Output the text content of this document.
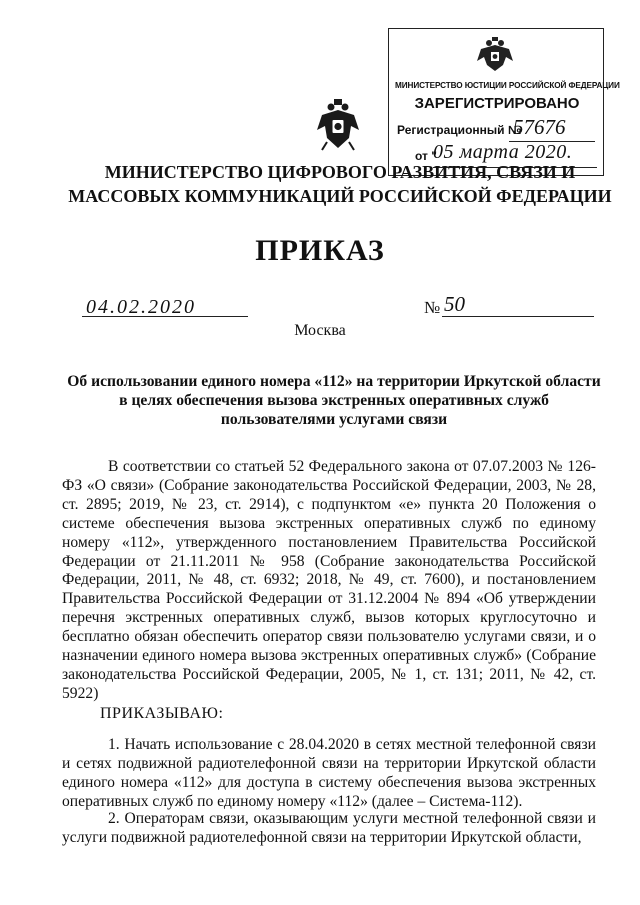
МИНИСТЕРСТВО ЮСТИЦИИ РОССИЙСКОЙ ФЕДЕРАЦИИ
ЗАРЕГИСТРИРОВАНО
Регистрационный №
57676
от "
05 марта 2020.
МИНИСТЕРСТВО ЦИФРОВОГО РАЗВИТИЯ, СВЯЗИ И
МАССОВЫХ КОММУНИКАЦИЙ РОССИЙСКОЙ ФЕДЕРАЦИИ
ПРИКАЗ
04.02.2020	№ 50
Москва
Об использовании единого номера «112» на территории Иркутской области
в целях обеспечения вызова экстренных оперативных служб
пользователями услугами связи
В соответствии со статьей 52 Федерального закона от 07.07.2003 № 126-ФЗ «О связи» (Собрание законодательства Российской Федерации, 2003, № 28, ст. 2895; 2019, № 23, ст. 2914), с подпунктом «е» пункта 20 Положения о системе обеспечения вызова экстренных оперативных служб по единому номеру «112», утвержденного постановлением Правительства Российской Федерации от 21.11.2011 № 958 (Собрание законодательства Российской Федерации, 2011, № 48, ст. 6932; 2018, № 49, ст. 7600), и постановлением Правительства Российской Федерации от 31.12.2004 № 894 «Об утверждении перечня экстренных оперативных служб, вызов которых круглосуточно и бесплатно обязан обеспечить оператор связи пользователю услугами связи, и о назначении единого номера вызова экстренных оперативных служб» (Собрание законодательства Российской Федерации, 2005, № 1, ст. 131; 2011, № 42, ст. 5922)
ПРИКАЗЫВАЮ:
1. Начать использование с 28.04.2020 в сетях местной телефонной связи и сетях подвижной радиотелефонной связи на территории Иркутской области единого номера «112» для доступа в систему обеспечения вызова экстренных оперативных служб по единому номеру «112» (далее – Система-112).
2. Операторам связи, оказывающим услуги местной телефонной связи и услуги подвижной радиотелефонной связи на территории Иркутской области,
